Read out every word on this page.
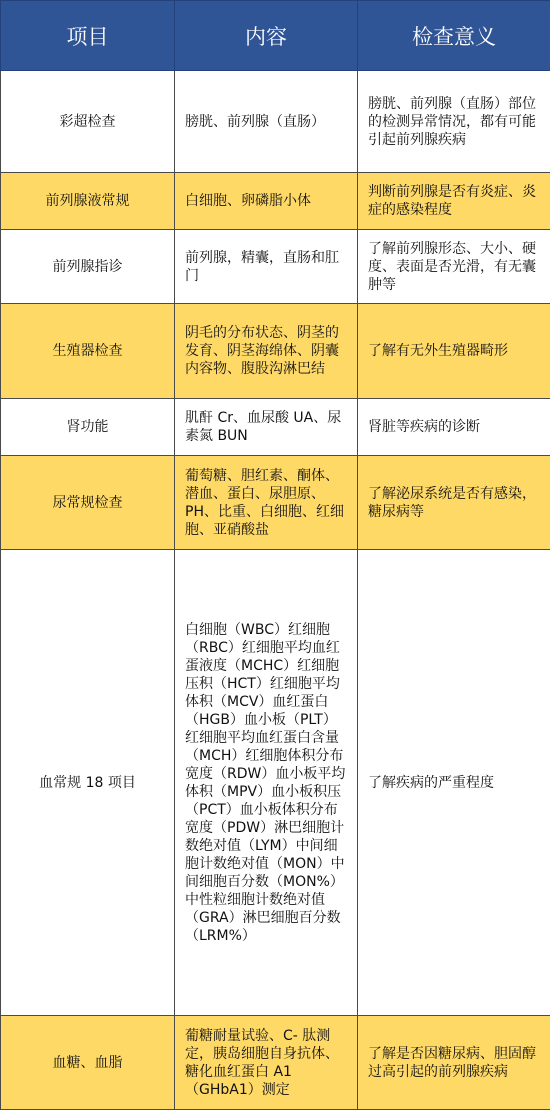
项目	内容	检查意义
彩超检查	膀胱、前列腺（直肠）	膀胱、前列腺（直肠）部位的检测异常情况，都有可能引起前列腺疾病
前列腺液常规	白细胞、卵磷脂小体	判断前列腺是否有炎症、炎症的感染程度
前列腺指诊	前列腺，精囊，直肠和肛门	了解前列腺形态、大小、硬度、表面是否光滑，有无囊肿等
生殖器检查	阴毛的分布状态、阴茎的发育、阴茎海绵体、阴囊内容物、腹股沟淋巴结	了解有无外生殖器畸形
肾功能	肌酐 Cr、血尿酸 UA、尿素氮 BUN	肾脏等疾病的诊断
尿常规检查	葡萄糖、胆红素、酮体、潜血、蛋白、尿胆原、PH、比重、白细胞、红细胞、亚硝酸盐	了解泌尿系统是否有感染，糖尿病等
血常规 18 项目	白细胞（WBC）红细胞（RBC）红细胞平均血红蛋液度（MCHC）红细胞压积（HCT）红细胞平均体积（MCV）血红蛋白（HGB）血小板（PLT）红细胞平均血红蛋白含量（MCH）红细胞体积分布宽度（RDW）血小板平均体积（MPV）血小板积压（PCT）血小板体积分布宽度（PDW）淋巴细胞计数绝对值（LYM）中间细胞计数绝对值（MON）中间细胞百分数（MON%）中性粒细胞计数绝对值（GRA）淋巴细胞百分数（LRM%）	了解疾病的严重程度
血糖、血脂	葡糖耐量试验、C- 肽测定，胰岛细胞自身抗体、糖化血红蛋白 A1（GHbA1）测定	了解是否因糖尿病、胆固醇过高引起的前列腺疾病
